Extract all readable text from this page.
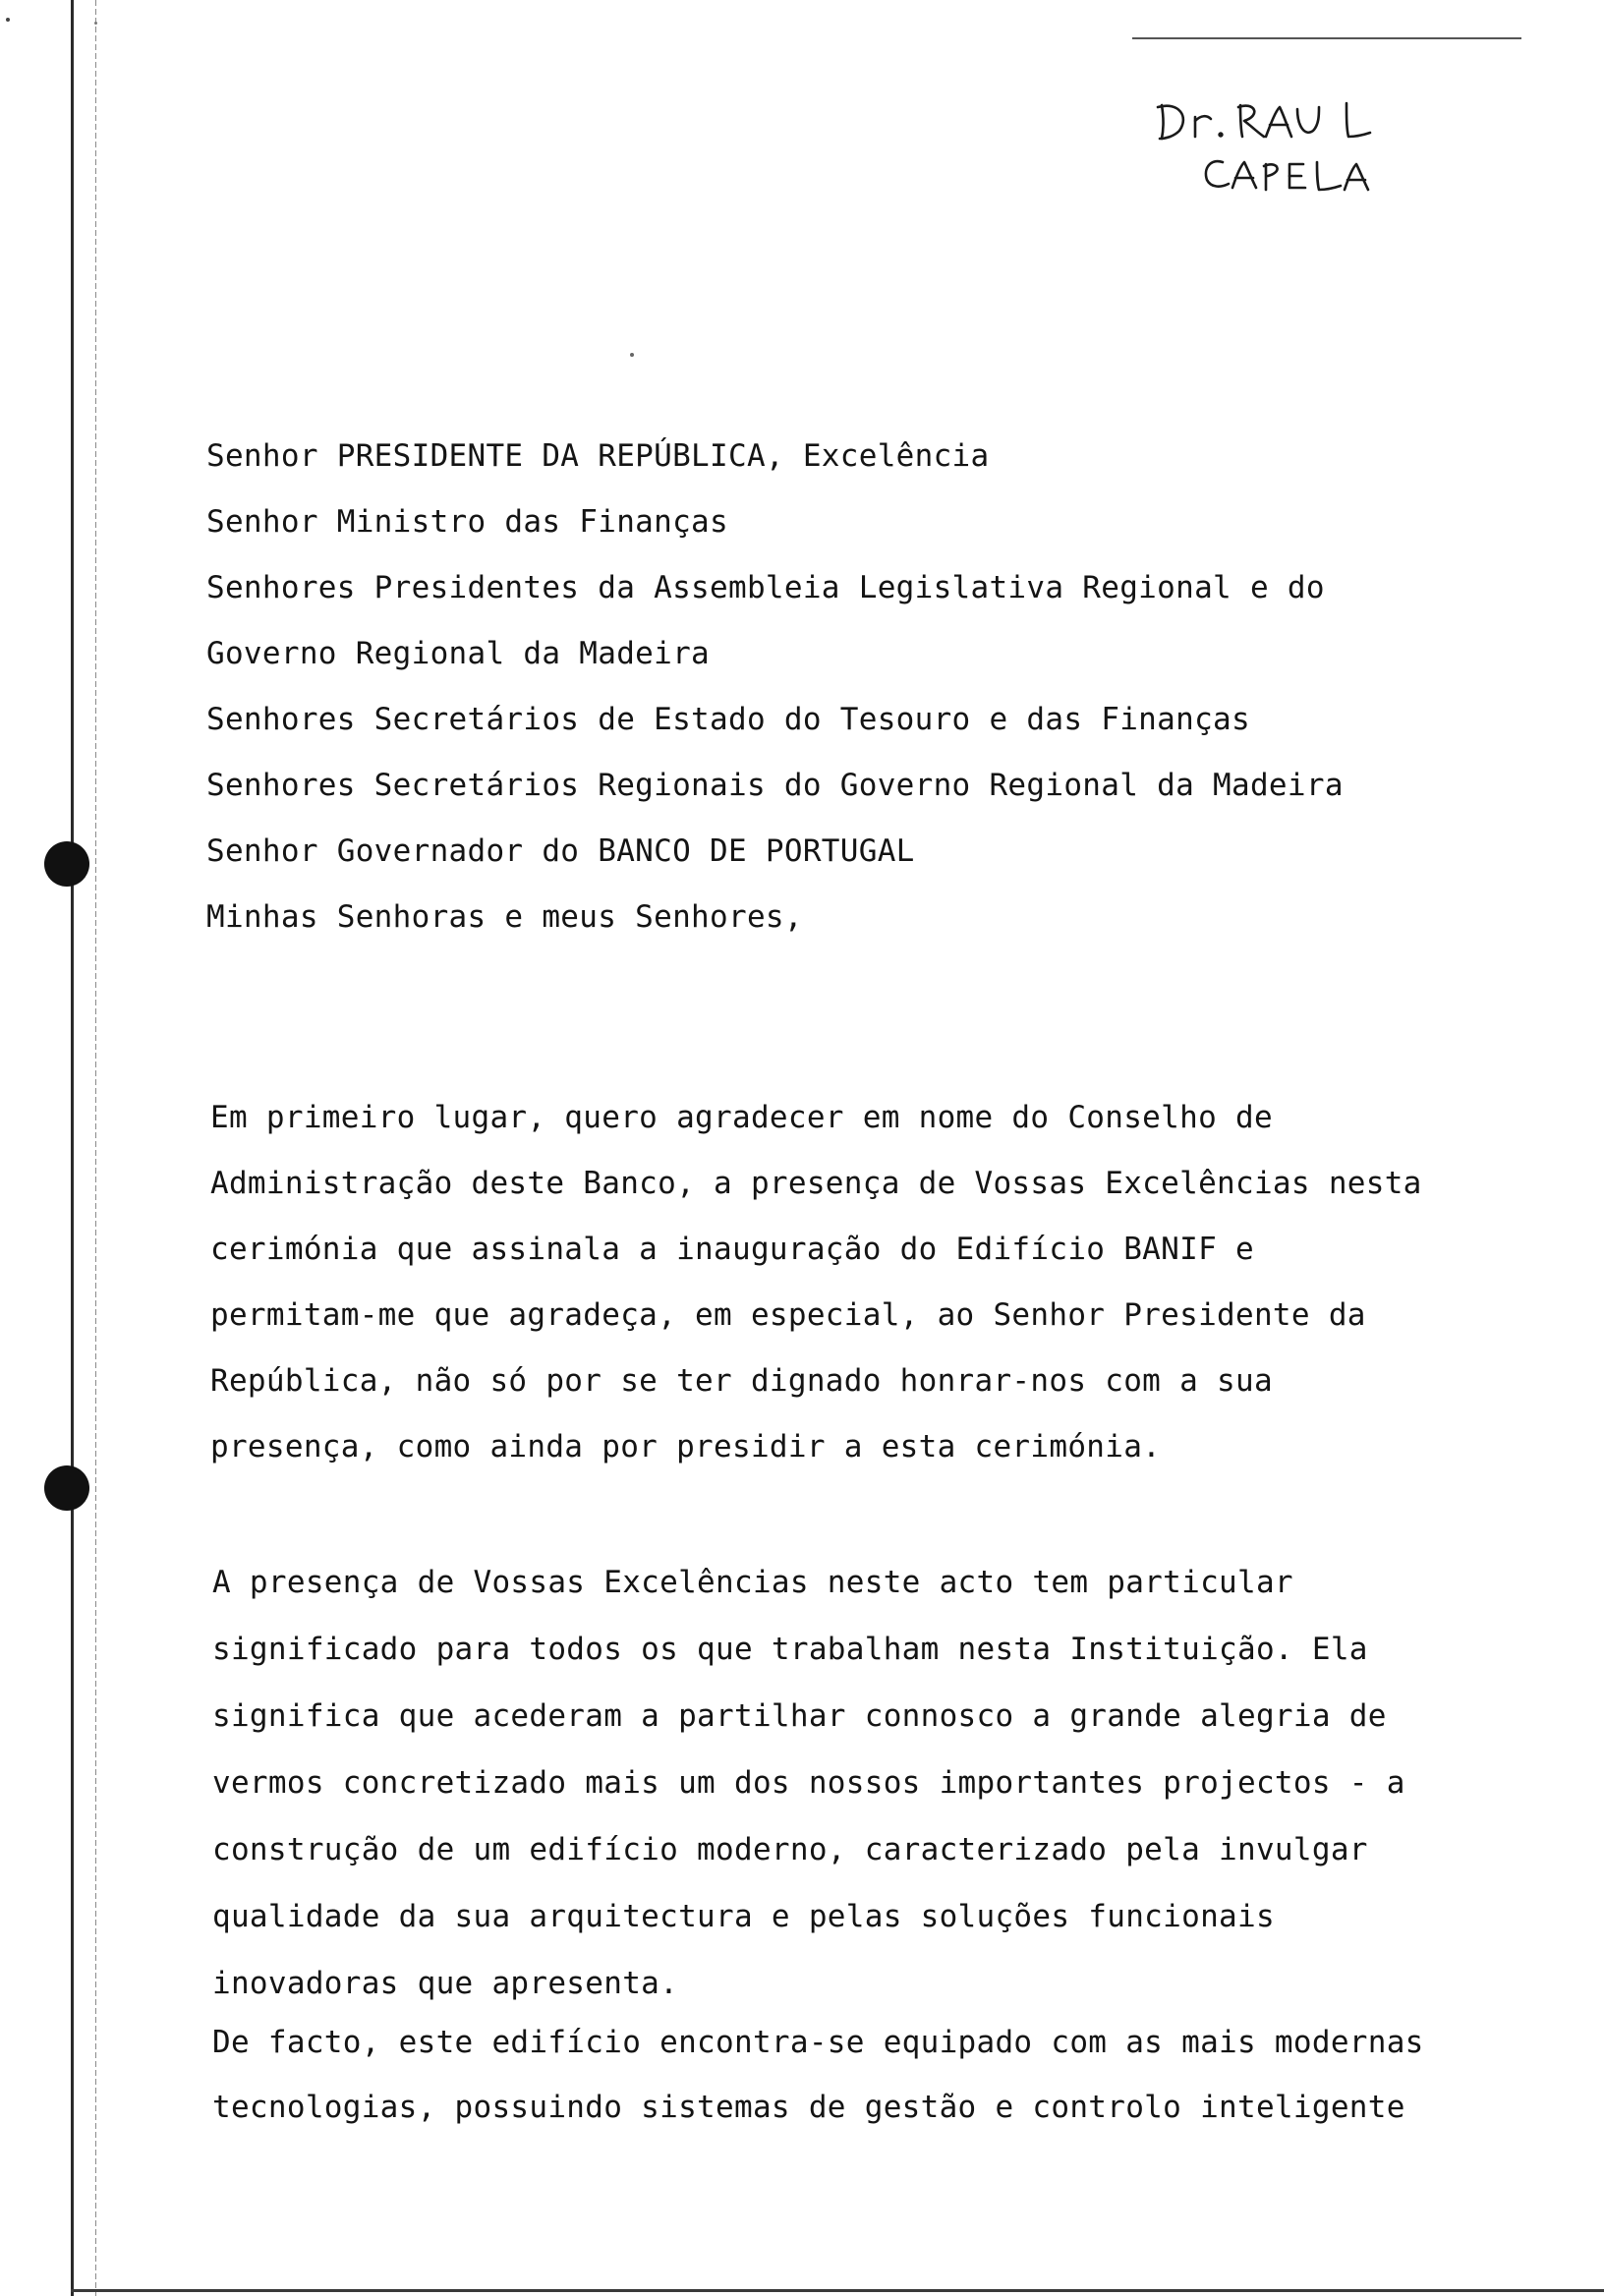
Senhor PRESIDENTE DA REPÚBLICA, Excelência

Senhor Ministro das Finanças

Senhores Presidentes da Assembleia Legislativa Regional e do

Governo Regional da Madeira

Senhores Secretários de Estado do Tesouro e das Finanças

Senhores Secretários Regionais do Governo Regional da Madeira

Senhor Governador do BANCO DE PORTUGAL

Minhas Senhoras e meus Senhores,

Em primeiro lugar, quero agradecer em nome do Conselho de

Administração deste Banco, a presença de Vossas Excelências nesta

cerimónia que assinala a inauguração do Edifício BANIF e

permitam-me que agradeça, em especial, ao Senhor Presidente da

República, não só por se ter dignado honrar-nos com a sua

presença, como ainda por presidir a esta cerimónia.

A presença de Vossas Excelências neste acto tem particular

significado para todos os que trabalham nesta Instituição. Ela

significa que acederam a partilhar connosco a grande alegria de

vermos concretizado mais um dos nossos importantes projectos - a

construção de um edifício moderno, caracterizado pela invulgar

qualidade da sua arquitectura e pelas soluções funcionais

inovadoras que apresenta.

De facto, este edifício encontra-se equipado com as mais modernas

tecnologias, possuindo sistemas de gestão e controlo inteligente
